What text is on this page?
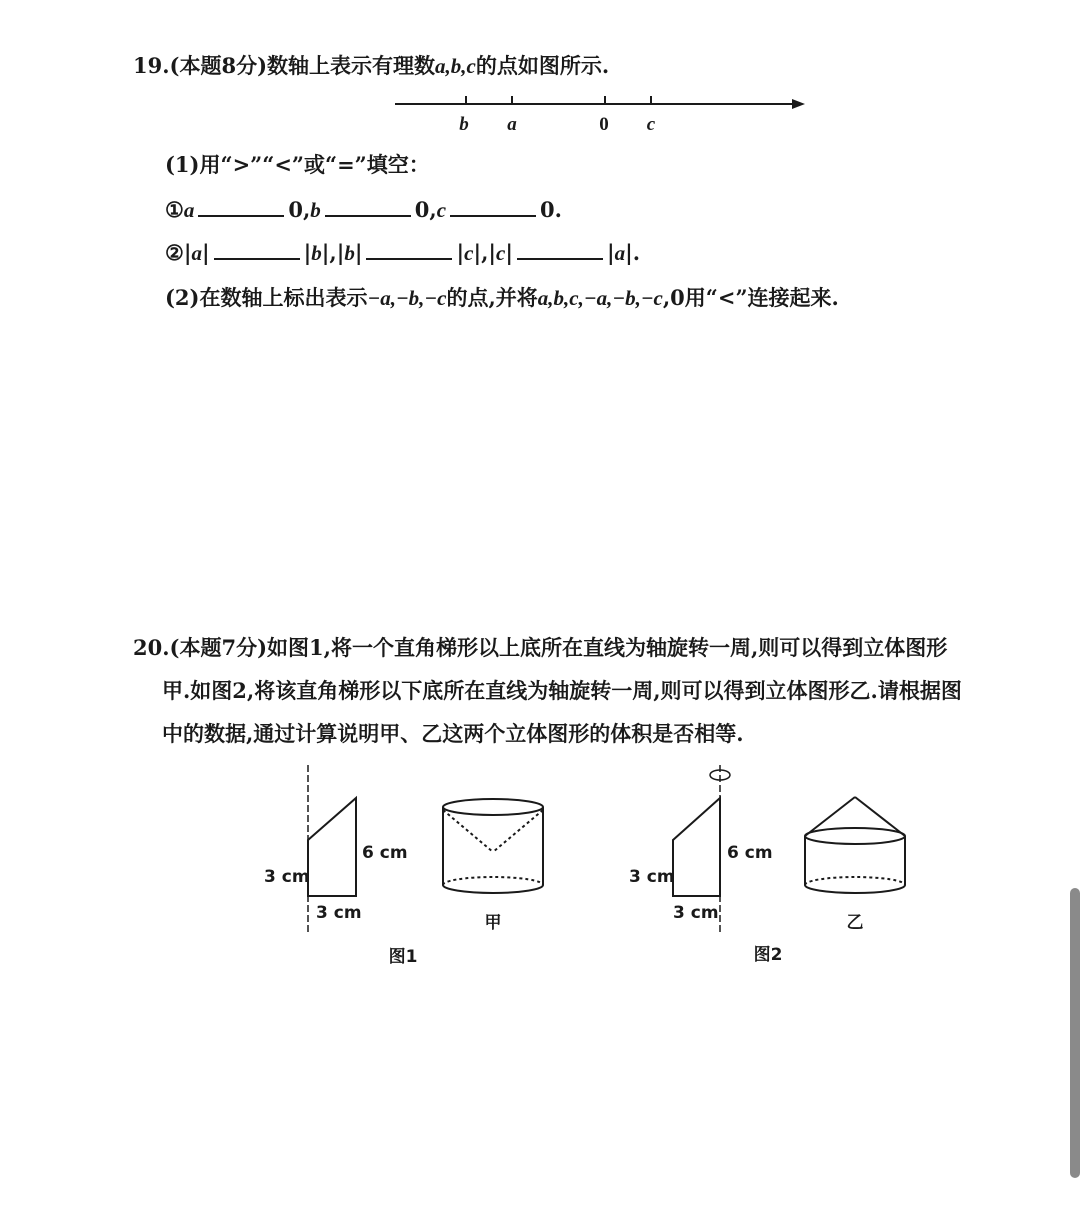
19.(本题8分)数轴上表示有理数a,b,c的点如图所示.
b a	0 c
(1)用“>”“<”或“=”填空：
①a	0,b	0,c	0.
②|a|	|b|,|b|	|c|,|c|	|a|.
(2)在数轴上标出表示−a,−b,−c的点,并将a,b,c,−a,−b,−c,0用“<”连接起来.
20.(本题7分)如图1,将一个直角梯形以上底所在直线为轴旋转一周,则可以得到立体图形
甲.如图2,将该直角梯形以下底所在直线为轴旋转一周,则可以得到立体图形乙.请根据图
中的数据,通过计算说明甲、乙这两个立体图形的体积是否相等.
3 cm
6 cm
3 cm	甲
图1
3 cm
6 cm
3 cm	乙
图2
